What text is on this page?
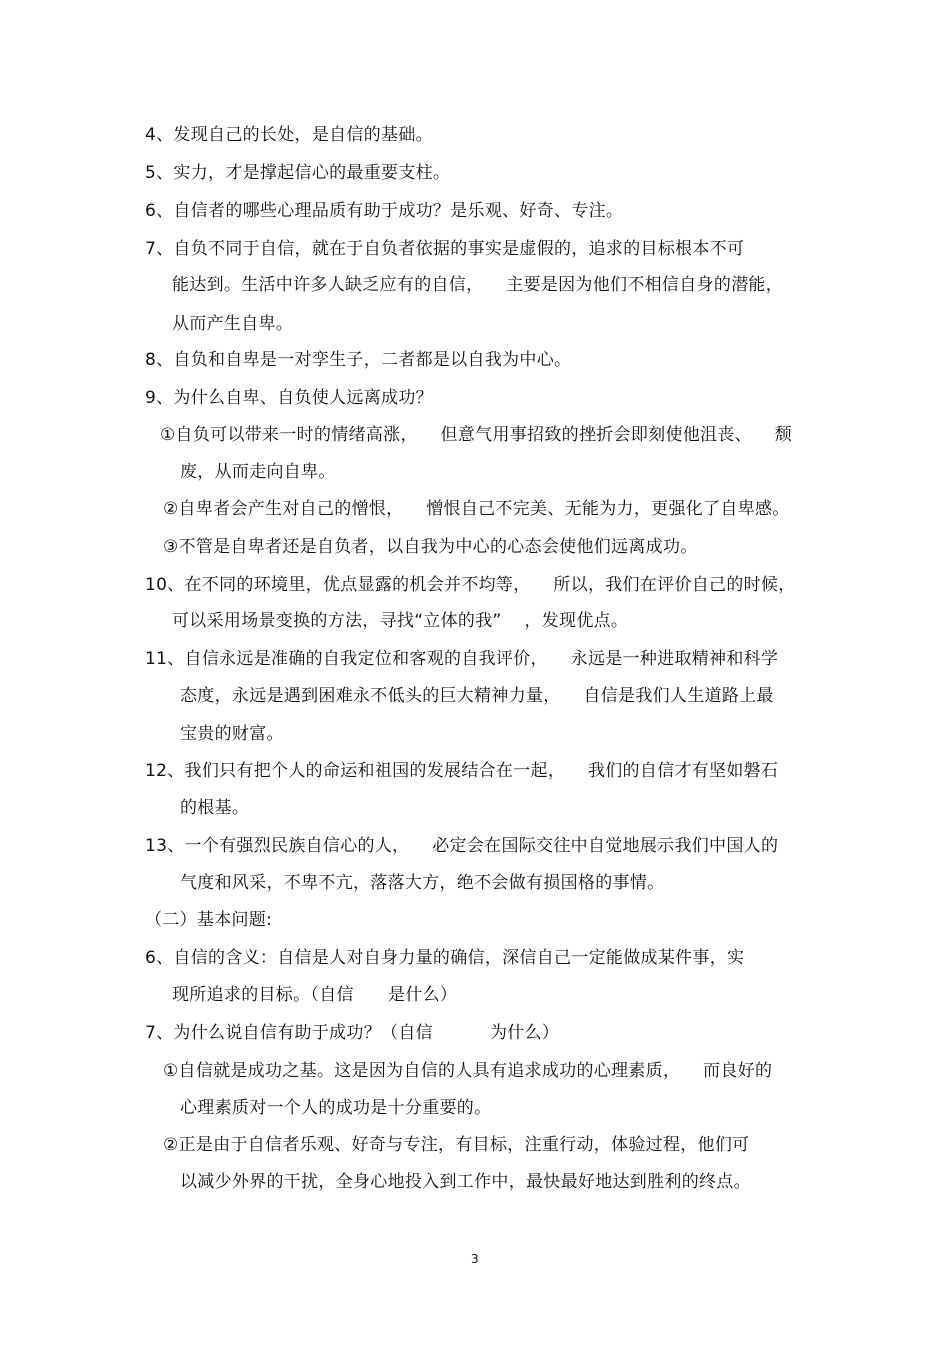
4、发现自己的长处，是自信的基础。
5、实力，才是撑起信心的最重要支柱。
6、自信者的哪些心理品质有助于成功？是乐观、好奇、专注。
7、自负不同于自信，就在于自负者依据的事实是虚假的，追求的目标根本不可
能达到。生活中许多人缺乏应有的自信，    主要是因为他们不相信自身的潜能，
从而产生自卑。
8、自负和自卑是一对孪生子，二者都是以自我为中心。
9、为什么自卑、自负使人远离成功？
①自负可以带来一时的情绪高涨，    但意气用事招致的挫折会即刻使他沮丧、    颓
废，从而走向自卑。
②自卑者会产生对自己的憎恨，    憎恨自己不完美、无能为力，更强化了自卑感。
③不管是自卑者还是自负者，以自我为中心的心态会使他们远离成功。
10、在不同的环境里，优点显露的机会并不均等，    所以，我们在评价自己的时候，
可以采用场景变换的方法，寻找“立体的我”    ，发现优点。
11、自信永远是准确的自我定位和客观的自我评价，    永远是一种进取精神和科学
态度，永远是遇到困难永不低头的巨大精神力量，    自信是我们人生道路上最
宝贵的财富。
12、我们只有把个人的命运和祖国的发展结合在一起，    我们的自信才有坚如磐石
的根基。
13、一个有强烈民族自信心的人，    必定会在国际交往中自觉地展示我们中国人的
气度和风采，不卑不亢，落落大方，绝不会做有损国格的事情。
（二）基本问题:
6、自信的含义：自信是人对自身力量的确信，深信自己一定能做成某件事，实
现所追求的目标。（自信      是什么）
7、为什么说自信有助于成功？（自信          为什么）
①自信就是成功之基。这是因为自信的人具有追求成功的心理素质，    而良好的
心理素质对一个人的成功是十分重要的。
②正是由于自信者乐观、好奇与专注，有目标，注重行动，体验过程，他们可
以减少外界的干扰，全身心地投入到工作中，最快最好地达到胜利的终点。
3
